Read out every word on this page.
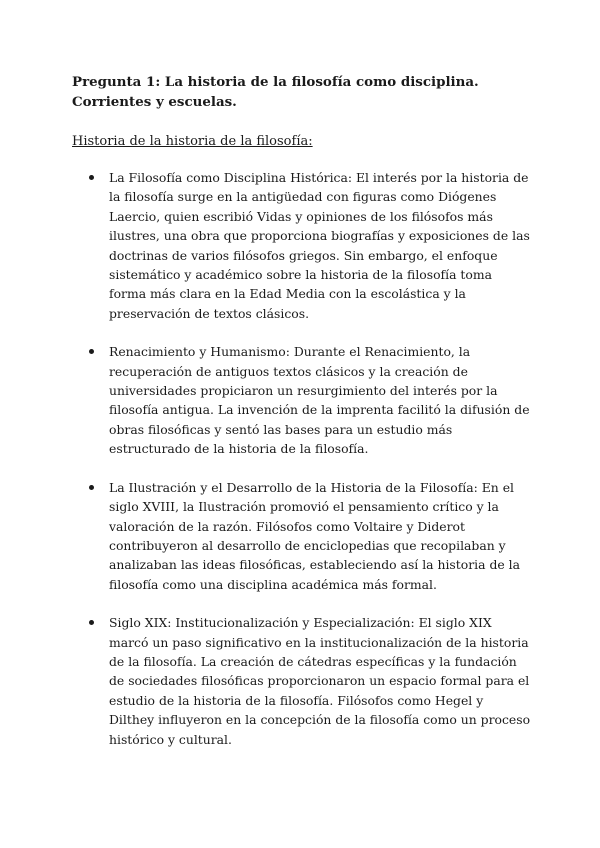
Pregunta 1: La historia de la filosofía como disciplina.
Corrientes y escuelas.
Historia de la historia de la filosofía:

La Filosofía como Disciplina Histórica: El interés por la historia de la filosofía surge en la antigüedad con figuras como Diógenes Laercio, quien escribió Vidas y opiniones de los filósofos más ilustres, una obra que proporciona biografías y exposiciones de las doctrinas de varios filósofos griegos. Sin embargo, el enfoque sistemático y académico sobre la historia de la filosofía toma forma más clara en la Edad Media con la escolástica y la preservación de textos clásicos.

Renacimiento y Humanismo: Durante el Renacimiento, la recuperación de antiguos textos clásicos y la creación de universidades propiciaron un resurgimiento del interés por la filosofía antigua. La invención de la imprenta facilitó la difusión de obras filosóficas y sentó las bases para un estudio más estructurado de la historia de la filosofía.

La Ilustración y el Desarrollo de la Historia de la Filosofía: En el siglo XVIII, la Ilustración promovió el pensamiento crítico y la valoración de la razón. Filósofos como Voltaire y Diderot contribuyeron al desarrollo de enciclopedias que recopilaban y analizaban las ideas filosóficas, estableciendo así la historia de la filosofía como una disciplina académica más formal.

Siglo XIX: Institucionalización y Especialización: El siglo XIX marcó un paso significativo en la institucionalización de la historia de la filosofía. La creación de cátedras específicas y la fundación de sociedades filosóficas proporcionaron un espacio formal para el estudio de la historia de la filosofía. Filósofos como Hegel y Dilthey influyeron en la concepción de la filosofía como un proceso histórico y cultural.
